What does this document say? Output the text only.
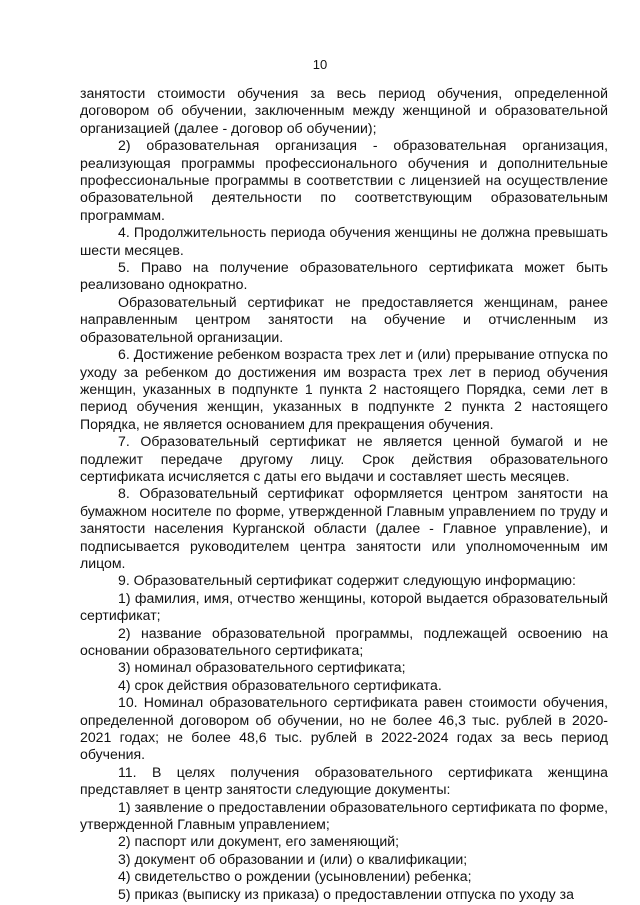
10

занятости стоимости обучения за весь период обучения, определенной договором об обучении, заключенным между женщиной и образовательной организацией (далее - договор об обучении);

2) образовательная организация - образовательная организация, реализующая программы профессионального обучения и дополнительные профессиональные программы в соответствии с лицензией на осуществление образовательной деятельности по соответствующим образовательным программам.

4. Продолжительность периода обучения женщины не должна превышать шести месяцев.

5. Право на получение образовательного сертификата может быть реализовано однократно.

Образовательный сертификат не предоставляется женщинам, ранее направленным центром занятости на обучение и отчисленным из образовательной организации.

6. Достижение ребенком возраста трех лет и (или) прерывание отпуска по уходу за ребенком до достижения им возраста трех лет в период обучения женщин, указанных в подпункте 1 пункта 2 настоящего Порядка, семи лет в период обучения женщин, указанных в подпункте 2 пункта 2 настоящего Порядка, не является основанием для прекращения обучения.

7. Образовательный сертификат не является ценной бумагой и не подлежит передаче другому лицу. Срок действия образовательного сертификата исчисляется с даты его выдачи и составляет шесть месяцев.

8. Образовательный сертификат оформляется центром занятости на бумажном носителе по форме, утвержденной Главным управлением по труду и занятости населения Курганской области (далее - Главное управление), и подписывается руководителем центра занятости или уполномоченным им лицом.

9. Образовательный сертификат содержит следующую информацию:

1) фамилия, имя, отчество женщины, которой выдается образовательный сертификат;

2) название образовательной программы, подлежащей освоению на основании образовательного сертификата;

3) номинал образовательного сертификата;

4) срок действия образовательного сертификата.

10. Номинал образовательного сертификата равен стоимости обучения, определенной договором об обучении, но не более 46,3 тыс. рублей в 2020-2021 годах; не более 48,6 тыс. рублей в 2022-2024 годах за весь период обучения.

11. В целях получения образовательного сертификата женщина представляет в центр занятости следующие документы:

1) заявление о предоставлении образовательного сертификата по форме, утвержденной Главным управлением;

2) паспорт или документ, его заменяющий;

3) документ об образовании и (или) о квалификации;

4) свидетельство о рождении (усыновлении) ребенка;

5) приказ (выписку из приказа) о предоставлении отпуска по уходу за
